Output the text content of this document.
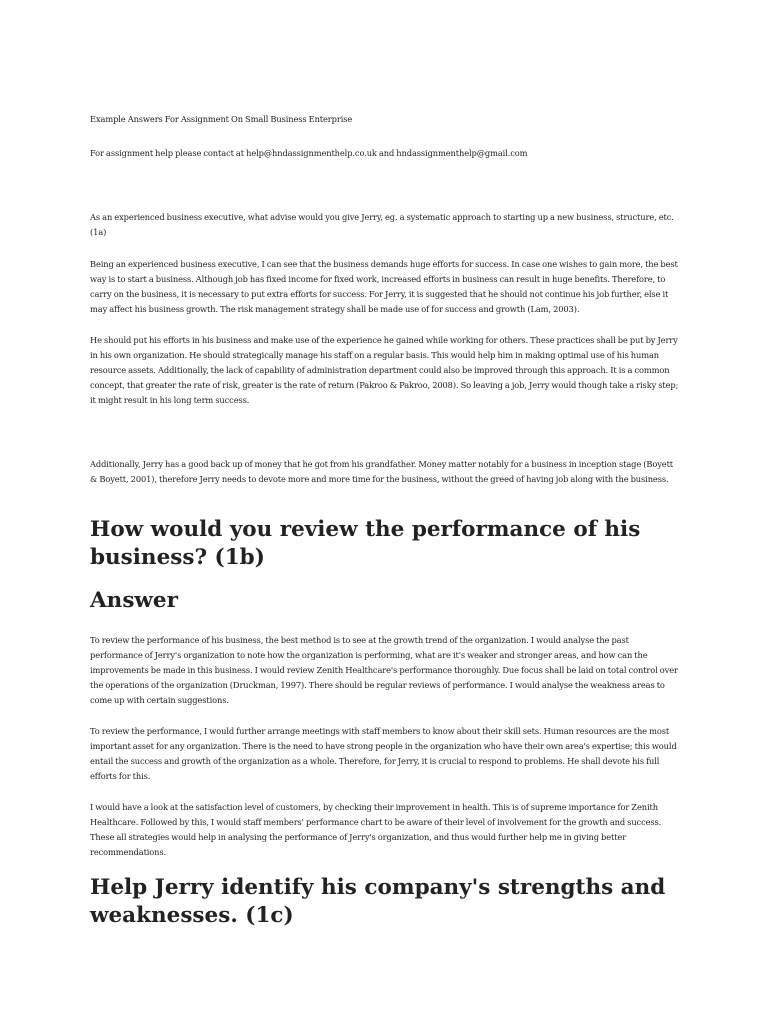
Example Answers For Assignment On Small Business Enterprise

For assignment help please contact at help@hndassignmenthelp.co.uk and hndassignmenthelp@gmail.com

As an experienced business executive, what advise would you give Jerry, eg. a systematic approach to starting up a new business, structure, etc. (1a)

Being an experienced business executive, I can see that the business demands huge efforts for success. In case one wishes to gain more, the best way is to start a business. Although job has fixed income for fixed work, increased efforts in business can result in huge benefits. Therefore, to carry on the business, it is necessary to put extra efforts for success. For Jerry, it is suggested that he should not continue his job further, else it may affect his business growth. The risk management strategy shall be made use of for success and growth (Lam, 2003).

He should put his efforts in his business and make use of the experience he gained while working for others. These practices shall be put by Jerry in his own organization. He should strategically manage his staff on a regular basis. This would help him in making optimal use of his human resource assets. Additionally, the lack of capability of administration department could also be improved through this approach. It is a common concept, that greater the rate of risk, greater is the rate of return (Pakroo & Pakroo, 2008). So leaving a job, Jerry would though take a risky step; it might result in his long term success.

Additionally, Jerry has a good back up of money that he got from his grandfather. Money matter notably for a business in inception stage (Boyett & Boyett, 2001), therefore Jerry needs to devote more and more time for the business, without the greed of having job along with the business.

How would you review the performance of his business? (1b)
Answer

To review the performance of his business, the best method is to see at the growth trend of the organization. I would analyse the past performance of Jerry's organization to note how the organization is performing, what are it's weaker and stronger areas, and how can the improvements be made in this business. I would review Zenith Healthcare's performance thoroughly. Due focus shall be laid on total control over the operations of the organization (Druckman, 1997). There should be regular reviews of performance. I would analyse the weakness areas to come up with certain suggestions.

To review the performance, I would further arrange meetings with staff members to know about their skill sets. Human resources are the most important asset for any organization. There is the need to have strong people in the organization who have their own area's expertise; this would entail the success and growth of the organization as a whole. Therefore, for Jerry, it is crucial to respond to problems. He shall devote his full efforts for this.

I would have a look at the satisfaction level of customers, by checking their improvement in health. This is of supreme importance for Zenith Healthcare. Followed by this, I would staff members' performance chart to be aware of their level of involvement for the growth and success. These all strategies would help in analysing the performance of Jerry's organization, and thus would further help me in giving better recommendations.

Help Jerry identify his company's strengths and weaknesses. (1c)
